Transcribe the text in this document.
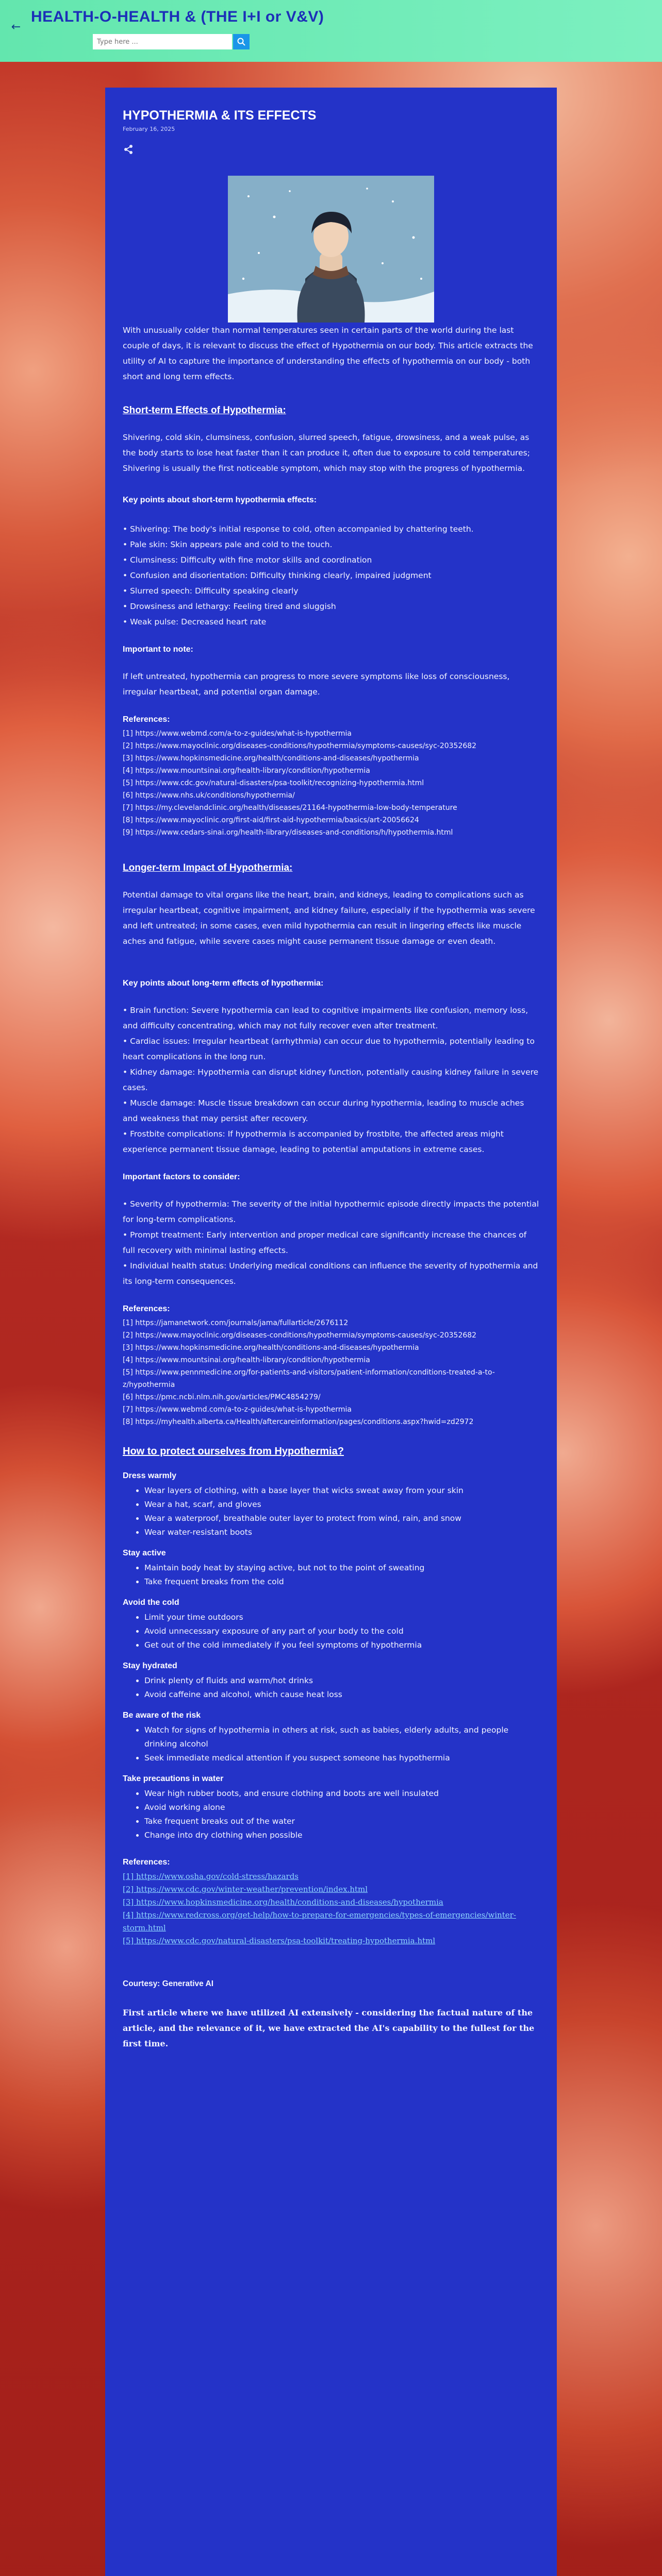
←
HEALTH-O-HEALTH & (THE I+I or V&V)
Type here ...
HYPOTHERMIA & ITS EFFECTS
February 16, 2025

With unusually colder than normal temperatures seen in certain parts of the world during the last couple of days, it is relevant to discuss the effect of Hypothermia on our body. This article extracts the utility of AI to capture the importance of understanding the effects of hypothermia on our body - both short and long term effects.

Short-term Effects of Hypothermia:

Shivering, cold skin, clumsiness, confusion, slurred speech, fatigue, drowsiness, and a weak pulse, as the body starts to lose heat faster than it can produce it, often due to exposure to cold temperatures; Shivering is usually the first noticeable symptom, which may stop with the progress of hypothermia.

Key points about short-term hypothermia effects:
• Shivering: The body's initial response to cold, often accompanied by chattering teeth.
• Pale skin: Skin appears pale and cold to the touch.
• Clumsiness: Difficulty with fine motor skills and coordination
• Confusion and disorientation: Difficulty thinking clearly, impaired judgment
• Slurred speech: Difficulty speaking clearly
• Drowsiness and lethargy: Feeling tired and sluggish
• Weak pulse: Decreased heart rate
Important to note:

If left untreated, hypothermia can progress to more severe symptoms like loss of consciousness, irregular heartbeat, and potential organ damage.

References:
[1] https://www.webmd.com/a-to-z-guides/what-is-hypothermia
[2] https://www.mayoclinic.org/diseases-conditions/hypothermia/symptoms-causes/syc-20352682
[3] https://www.hopkinsmedicine.org/health/conditions-and-diseases/hypothermia
[4] https://www.mountsinai.org/health-library/condition/hypothermia
[5] https://www.cdc.gov/natural-disasters/psa-toolkit/recognizing-hypothermia.html
[6] https://www.nhs.uk/conditions/hypothermia/
[7] https://my.clevelandclinic.org/health/diseases/21164-hypothermia-low-body-temperature
[8] https://www.mayoclinic.org/first-aid/first-aid-hypothermia/basics/art-20056624
[9] https://www.cedars-sinai.org/health-library/diseases-and-conditions/h/hypothermia.html
Longer-term Impact of Hypothermia:

Potential damage to vital organs like the heart, brain, and kidneys, leading to complications such as irregular heartbeat, cognitive impairment, and kidney failure, especially if the hypothermia was severe and left untreated; in some cases, even mild hypothermia can result in lingering effects like muscle aches and fatigue, while severe cases might cause permanent tissue damage or even death.

Key points about long-term effects of hypothermia:
• Brain function: Severe hypothermia can lead to cognitive impairments like confusion, memory loss, and difficulty concentrating, which may not fully recover even after treatment.
• Cardiac issues: Irregular heartbeat (arrhythmia) can occur due to hypothermia, potentially leading to heart complications in the long run.
• Kidney damage: Hypothermia can disrupt kidney function, potentially causing kidney failure in severe cases.
• Muscle damage: Muscle tissue breakdown can occur during hypothermia, leading to muscle aches and weakness that may persist after recovery.
• Frostbite complications: If hypothermia is accompanied by frostbite, the affected areas might experience permanent tissue damage, leading to potential amputations in extreme cases.
Important factors to consider:
• Severity of hypothermia: The severity of the initial hypothermic episode directly impacts the potential for long-term complications.
• Prompt treatment: Early intervention and proper medical care significantly increase the chances of full recovery with minimal lasting effects.
• Individual health status: Underlying medical conditions can influence the severity of hypothermia and its long-term consequences.
References:
[1] https://jamanetwork.com/journals/jama/fullarticle/2676112
[2] https://www.mayoclinic.org/diseases-conditions/hypothermia/symptoms-causes/syc-20352682
[3] https://www.hopkinsmedicine.org/health/conditions-and-diseases/hypothermia
[4] https://www.mountsinai.org/health-library/condition/hypothermia
[5] https://www.pennmedicine.org/for-patients-and-visitors/patient-information/conditions-treated-a-to-z/hypothermia
[6] https://pmc.ncbi.nlm.nih.gov/articles/PMC4854279/
[7] https://www.webmd.com/a-to-z-guides/what-is-hypothermia
[8] https://myhealth.alberta.ca/Health/aftercareinformation/pages/conditions.aspx?hwid=zd2972
How to protect ourselves from Hypothermia?
Dress warmly
• Wear layers of clothing, with a base layer that wicks sweat away from your skin
• Wear a hat, scarf, and gloves
• Wear a waterproof, breathable outer layer to protect from wind, rain, and snow
• Wear water-resistant boots
Stay active
• Maintain body heat by staying active, but not to the point of sweating
• Take frequent breaks from the cold
Avoid the cold
• Limit your time outdoors
• Avoid unnecessary exposure of any part of your body to the cold
• Get out of the cold immediately if you feel symptoms of hypothermia
Stay hydrated
• Drink plenty of fluids and warm/hot drinks
• Avoid caffeine and alcohol, which cause heat loss
Be aware of the risk
• Watch for signs of hypothermia in others at risk, such as babies, elderly adults, and people drinking alcohol
• Seek immediate medical attention if you suspect someone has hypothermia
Take precautions in water
• Wear high rubber boots, and ensure clothing and boots are well insulated
• Avoid working alone
• Take frequent breaks out of the water
• Change into dry clothing when possible
References:
[1] https://www.osha.gov/cold-stress/hazards
[2] https://www.cdc.gov/winter-weather/prevention/index.html
[3] https://www.hopkinsmedicine.org/health/conditions-and-diseases/hypothermia
[4] https://www.redcross.org/get-help/how-to-prepare-for-emergencies/types-of-emergencies/winter-storm.html
[5] https://www.cdc.gov/natural-disasters/psa-toolkit/treating-hypothermia.html

Courtesy: Generative AI

First article where we have utilized AI extensively - considering the factual nature of the article, and the relevance of it, we have extracted the AI's capability to the fullest for the first time.
